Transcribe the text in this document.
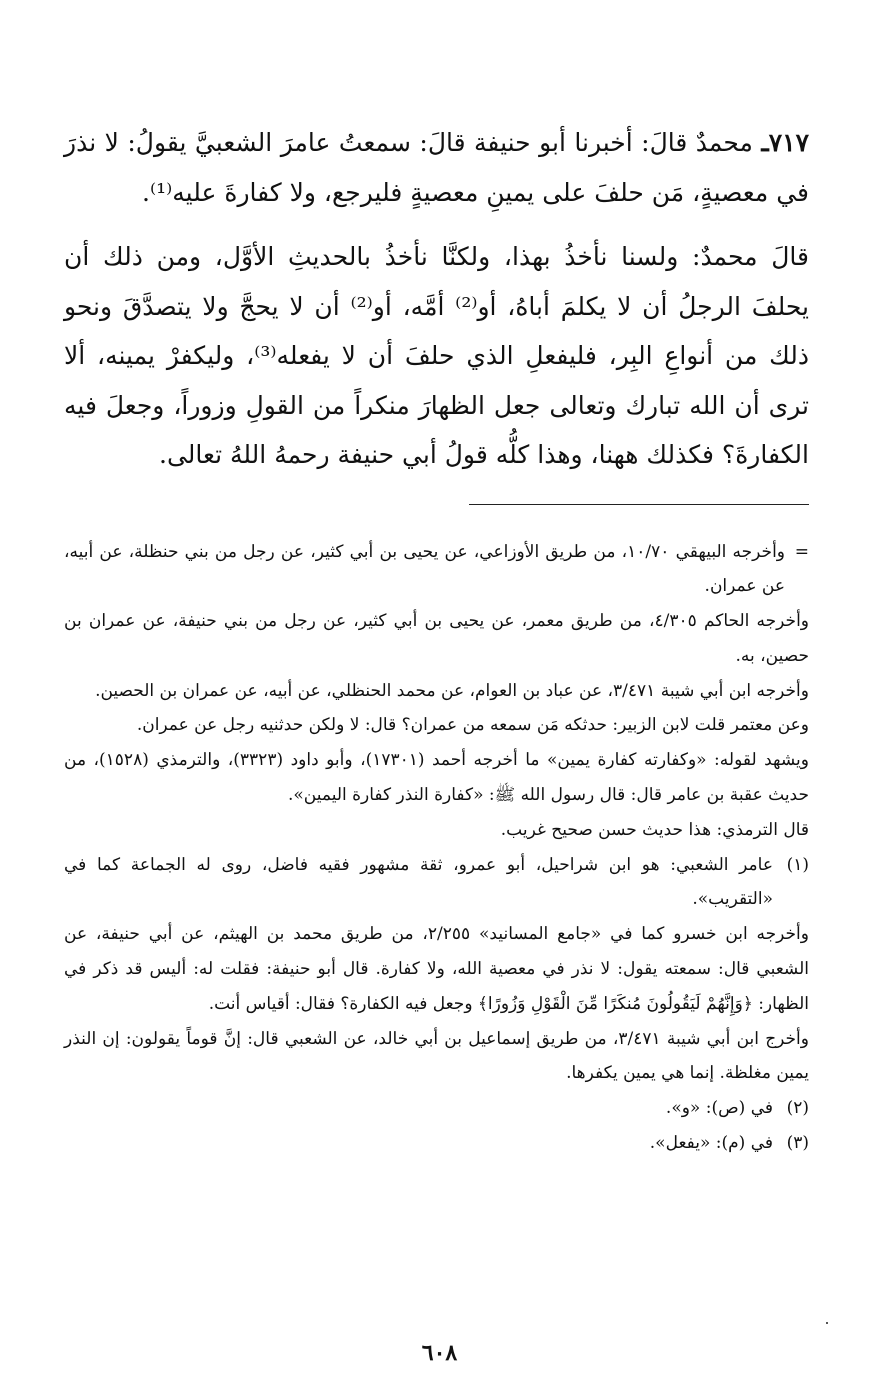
٧١٧ـ محمدٌ قالَ: أخبرنا أبو حنيفة قالَ: سمعتُ عامرَ الشعبيَّ يقولُ: لا نذرَ في معصيةٍ، مَن حلفَ على يمينِ معصيةٍ فليرجع، ولا كفارةَ عليه⁽¹⁾.

قالَ محمدٌ: ولسنا نأخذُ بهذا، ولكنَّا نأخذُ بالحديثِ الأوَّل، ومن ذلك أن يحلفَ الرجلُ أن لا يكلمَ أباهُ، أو⁽²⁾ أمَّه، أو⁽²⁾ أن لا يحجَّ ولا يتصدَّقَ ونحو ذلك من أنواعِ البِر، فليفعلِ الذي حلفَ أن لا يفعله⁽³⁾، وليكفرْ يمينه، ألا ترى أن الله تبارك وتعالى جعل الظهارَ منكراً من القولِ وزوراً، وجعلَ فيه الكفارةَ؟ فكذلك ههنا، وهذا كلُّه قولُ أبي حنيفة رحمهُ اللهُ تعالى.

=
وأخرجه البيهقي ١٠/٧٠، من طريق الأوزاعي، عن يحيى بن أبي كثير، عن رجل من بني حنظلة، عن أبيه، عن عمران.

وأخرجه الحاكم ٤/٣٠٥، من طريق معمر، عن يحيى بن أبي كثير، عن رجل من بني حنيفة، عن عمران بن حصين، به.

وأخرجه ابن أبي شيبة ٣/٤٧١، عن عباد بن العوام، عن محمد الحنظلي، عن أبيه، عن عمران بن الحصين.

وعن معتمر قلت لابن الزبير: حدثكه مَن سمعه من عمران؟ قال: لا ولكن حدثنيه رجل عن عمران.

ويشهد لقوله: «وكفارته كفارة يمين» ما أخرجه أحمد (١٧٣٠١)، وأبو داود (٣٣٢٣)، والترمذي (١٥٢٨)، من حديث عقبة بن عامر قال: قال رسول الله ﷺ: «كفارة النذر كفارة اليمين».

قال الترمذي: هذا حديث حسن صحيح غريب.

(١)
عامر الشعبي: هو ابن شراحيل، أبو عمرو، ثقة مشهور فقيه فاضل، روى له الجماعة كما في «التقريب».

وأخرجه ابن خسرو كما في «جامع المسانيد» ٢/٢٥٥، من طريق محمد بن الهيثم، عن أبي حنيفة، عن الشعبي قال: سمعته يقول: لا نذر في معصية الله، ولا كفارة. قال أبو حنيفة: فقلت له: أليس قد ذكر في الظهار: ﴿وَإِنَّهُمْ لَيَقُولُونَ مُنكَرًا مِّنَ الْقَوْلِ وَزُورًا﴾ وجعل فيه الكفارة؟ فقال: أقياس أنت.

وأخرج ابن أبي شيبة ٣/٤٧١، من طريق إسماعيل بن أبي خالد، عن الشعبي قال: إنَّ قوماً يقولون: إن النذر يمين مغلظة. إنما هي يمين يكفرها.

(٢)
في (ص): «و».

(٣)
في (م): «يفعل».

٦٠٨
